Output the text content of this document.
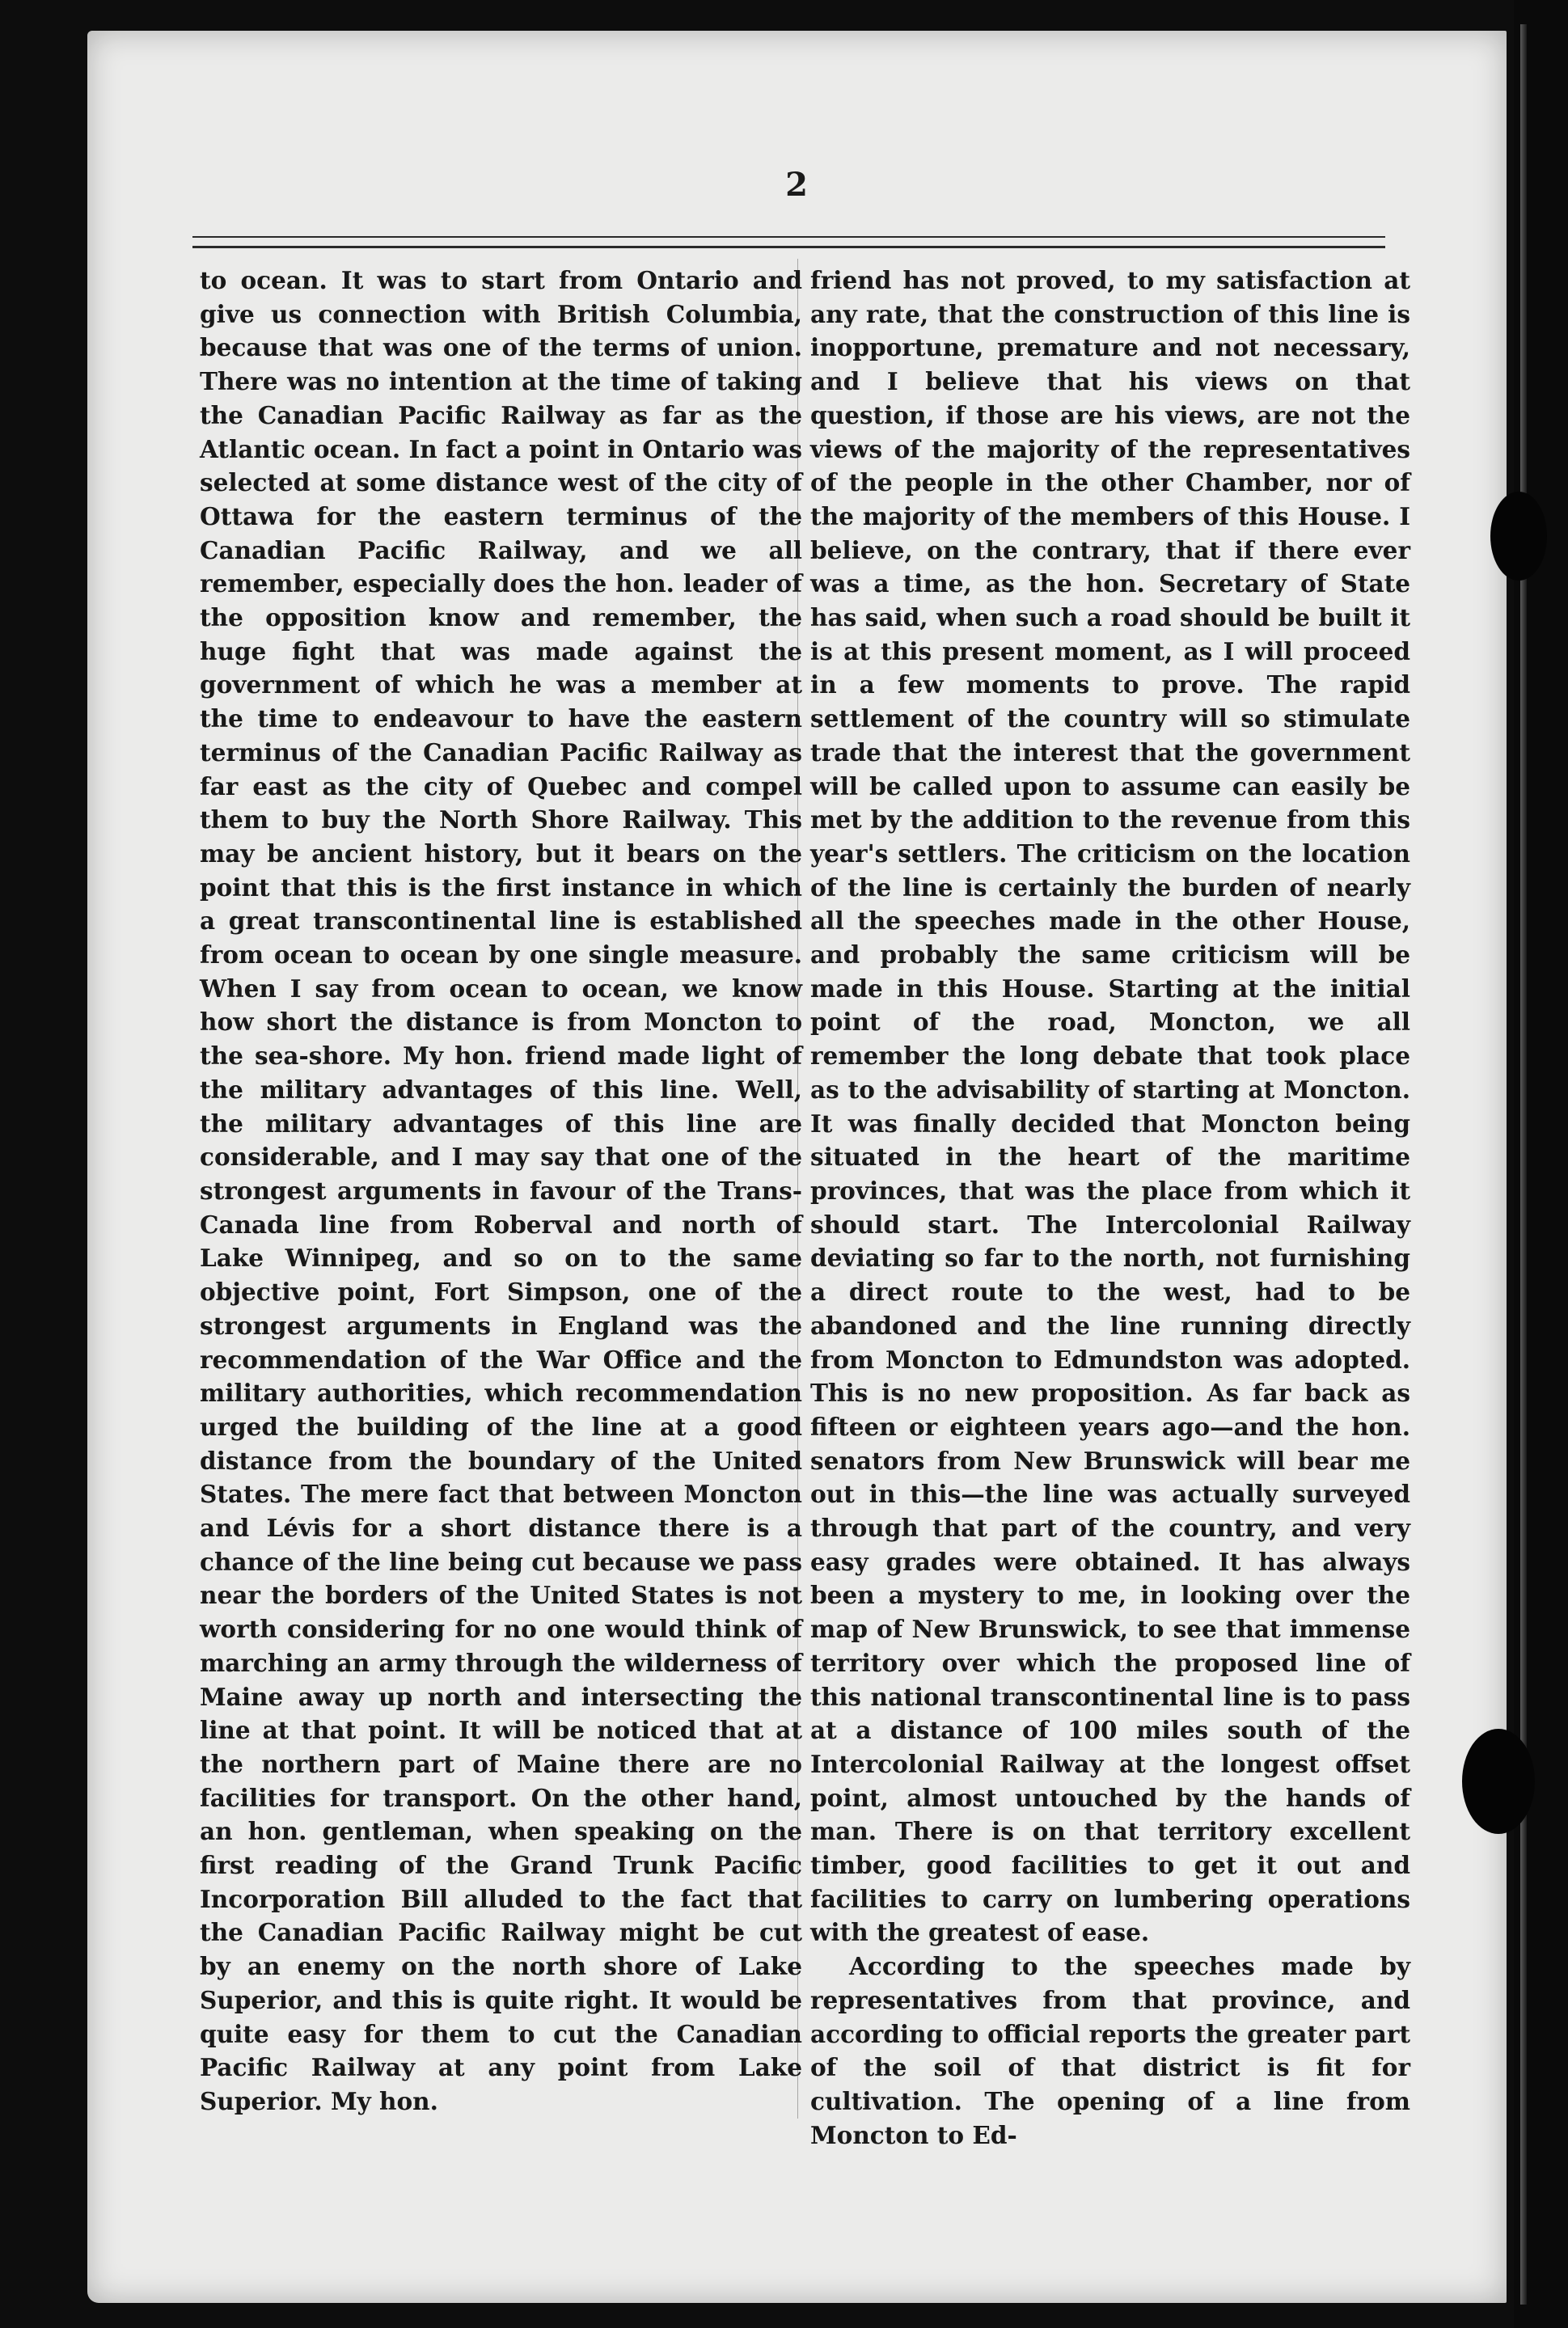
2

to ocean. It was to start from Ontario and give us connection with British Columbia, because that was one of the terms of union. There was no intention at the time of taking the Canadian Pacific Railway as far as the Atlantic ocean. In fact a point in Ontario was selected at some distance west of the city of Ottawa for the eastern terminus of the Canadian Pacific Railway, and we all remember, especially does the hon. leader of the opposition know and remember, the huge fight that was made against the government of which he was a member at the time to endeavour to have the eastern terminus of the Canadian Pacific Railway as far east as the city of Quebec and compel them to buy the North Shore Railway. This may be ancient history, but it bears on the point that this is the first instance in which a great transcontinental line is established from ocean to ocean by one single measure. When I say from ocean to ocean, we know how short the distance is from Moncton to the sea-shore. My hon. friend made light of the military advantages of this line. Well, the military advantages of this line are considerable, and I may say that one of the strongest arguments in favour of the Trans-Canada line from Roberval and north of Lake Winnipeg, and so on to the same objective point, Fort Simpson, one of the strongest arguments in England was the recommendation of the War Office and the military authorities, which recommendation urged the building of the line at a good distance from the boundary of the United States. The mere fact that between Moncton and Lévis for a short distance there is a chance of the line being cut because we pass near the borders of the United States is not worth considering for no one would think of marching an army through the wilderness of Maine away up north and intersecting the line at that point. It will be noticed that at the northern part of Maine there are no facilities for transport. On the other hand, an hon. gentleman, when speaking on the first reading of the Grand Trunk Pacific Incorporation Bill alluded to the fact that the Canadian Pacific Railway might be cut by an enemy on the north shore of Lake Superior, and this is quite right. It would be quite easy for them to cut the Canadian Pacific Railway at any point from Lake Superior. My hon.

friend has not proved, to my satisfaction at any rate, that the construction of this line is inopportune, premature and not necessary, and I believe that his views on that question, if those are his views, are not the views of the majority of the representatives of the people in the other Chamber, nor of the majority of the members of this House. I believe, on the contrary, that if there ever was a time, as the hon. Secretary of State has said, when such a road should be built it is at this present moment, as I will proceed in a few moments to prove. The rapid settlement of the country will so stimulate trade that the interest that the government will be called upon to assume can easily be met by the addition to the revenue from this year's settlers. The criticism on the location of the line is certainly the burden of nearly all the speeches made in the other House, and probably the same criticism will be made in this House. Starting at the initial point of the road, Moncton, we all remember the long debate that took place as to the advisability of starting at Moncton. It was finally decided that Moncton being situated in the heart of the maritime provinces, that was the place from which it should start. The Intercolonial Railway deviating so far to the north, not furnishing a direct route to the west, had to be abandoned and the line running directly from Moncton to Edmundston was adopted. This is no new proposition. As far back as fifteen or eighteen years ago—and the hon. senators from New Brunswick will bear me out in this—the line was actually surveyed through that part of the country, and very easy grades were obtained. It has always been a mystery to me, in looking over the map of New Brunswick, to see that immense territory over which the proposed line of this national transcontinental line is to pass at a distance of 100 miles south of the Intercolonial Railway at the longest offset point, almost untouched by the hands of man. There is on that territory excellent timber, good facilities to get it out and facilities to carry on lumbering operations with the greatest of ease.

According to the speeches made by representatives from that province, and according to official reports the greater part of the soil of that district is fit for cultivation. The opening of a line from Moncton to Ed-
